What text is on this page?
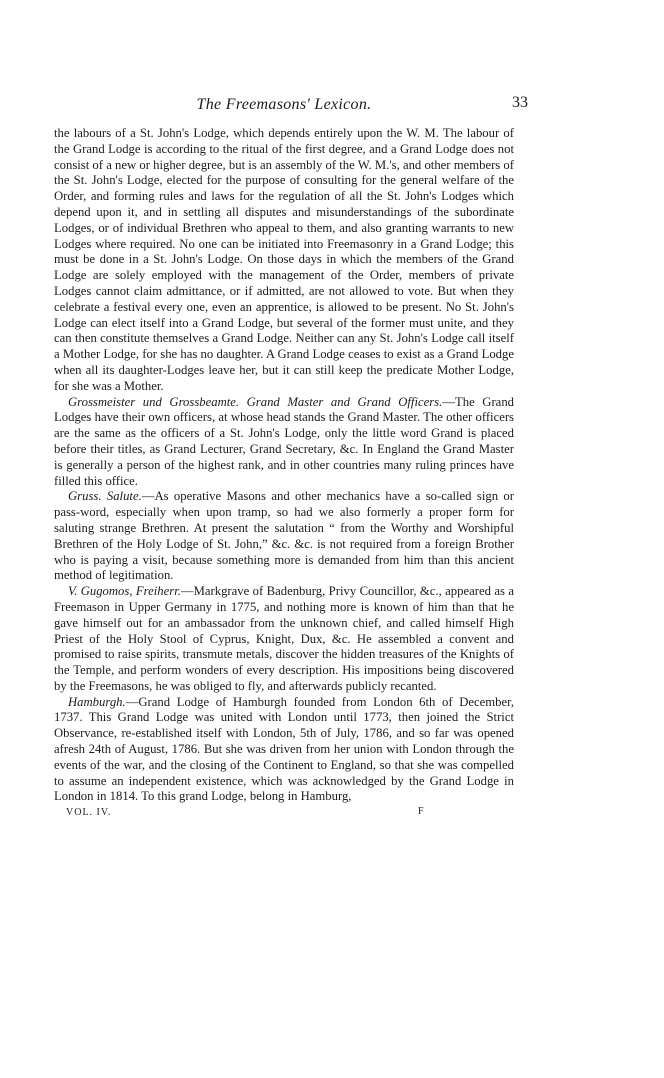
The Freemasons' Lexicon.	33

the labours of a St. John's Lodge, which depends entirely upon the W. M. The labour of the Grand Lodge is according to the ritual of the first degree, and a Grand Lodge does not consist of a new or higher degree, but is an assembly of the W. M.'s, and other members of the St. John's Lodge, elected for the purpose of consulting for the general welfare of the Order, and forming rules and laws for the regulation of all the St. John's Lodges which depend upon it, and in settling all disputes and misunderstandings of the subordinate Lodges, or of individual Brethren who appeal to them, and also granting warrants to new Lodges where required. No one can be initiated into Freemasonry in a Grand Lodge; this must be done in a St. John's Lodge. On those days in which the members of the Grand Lodge are solely employed with the management of the Order, members of private Lodges cannot claim admittance, or if admitted, are not allowed to vote. But when they celebrate a festival every one, even an apprentice, is allowed to be present. No St. John's Lodge can elect itself into a Grand Lodge, but several of the former must unite, and they can then constitute themselves a Grand Lodge. Neither can any St. John's Lodge call itself a Mother Lodge, for she has no daughter. A Grand Lodge ceases to exist as a Grand Lodge when all its daughter-Lodges leave her, but it can still keep the predicate Mother Lodge, for she was a Mother.

Grossmeister und Grossbeamte. Grand Master and Grand Officers.—The Grand Lodges have their own officers, at whose head stands the Grand Master. The other officers are the same as the officers of a St. John's Lodge, only the little word Grand is placed before their titles, as Grand Lecturer, Grand Secretary, &c. In England the Grand Master is generally a person of the highest rank, and in other countries many ruling princes have filled this office.

Gruss. Salute.—As operative Masons and other mechanics have a so-called sign or pass-word, especially when upon tramp, so had we also formerly a proper form for saluting strange Brethren. At present the salutation “ from the Worthy and Worshipful Brethren of the Holy Lodge of St. John,” &c. &c. is not required from a foreign Brother who is paying a visit, because something more is demanded from him than this ancient method of legitimation.

V. Gugomos, Freiherr.—Markgrave of Badenburg, Privy Councillor, &c., appeared as a Freemason in Upper Germany in 1775, and nothing more is known of him than that he gave himself out for an ambassador from the unknown chief, and called himself High Priest of the Holy Stool of Cyprus, Knight, Dux, &c. He assembled a convent and promised to raise spirits, transmute metals, discover the hidden treasures of the Knights of the Temple, and perform wonders of every description. His impositions being discovered by the Freemasons, he was obliged to fly, and afterwards publicly recanted.

Hamburgh.—Grand Lodge of Hamburgh founded from London 6th of December, 1737. This Grand Lodge was united with London until 1773, then joined the Strict Observance, re-established itself with London, 5th of July, 1786, and so far was opened afresh 24th of August, 1786. But she was driven from her union with London through the events of the war, and the closing of the Continent to England, so that she was compelled to assume an independent existence, which was acknowledged by the Grand Lodge in London in 1814. To this grand Lodge, belong in Hamburg,

VOL. IV.	F
